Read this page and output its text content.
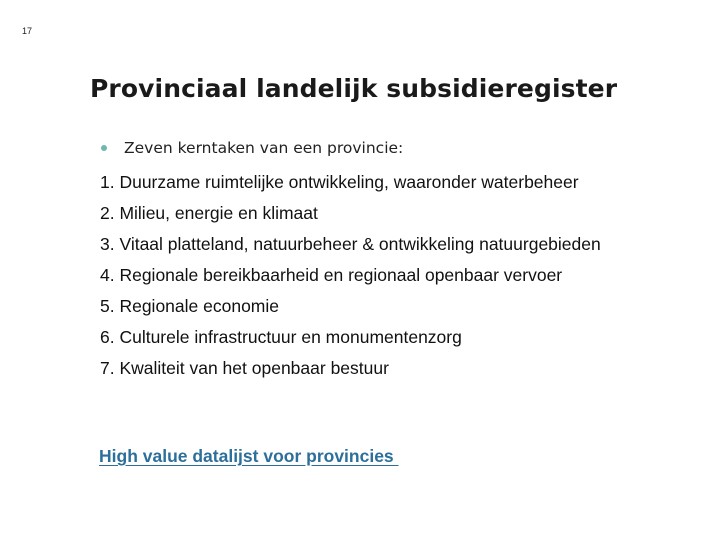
17
Provinciaal landelijk subsidieregister
Zeven kerntaken van een provincie:
1. Duurzame ruimtelijke ontwikkeling, waaronder waterbeheer
2. Milieu, energie en klimaat
3. Vitaal platteland, natuurbeheer & ontwikkeling natuurgebieden
4. Regionale bereikbaarheid en regionaal openbaar vervoer
5. Regionale economie
6. Culturele infrastructuur en monumentenzorg
7. Kwaliteit van het openbaar bestuur
High value datalijst voor provincies
